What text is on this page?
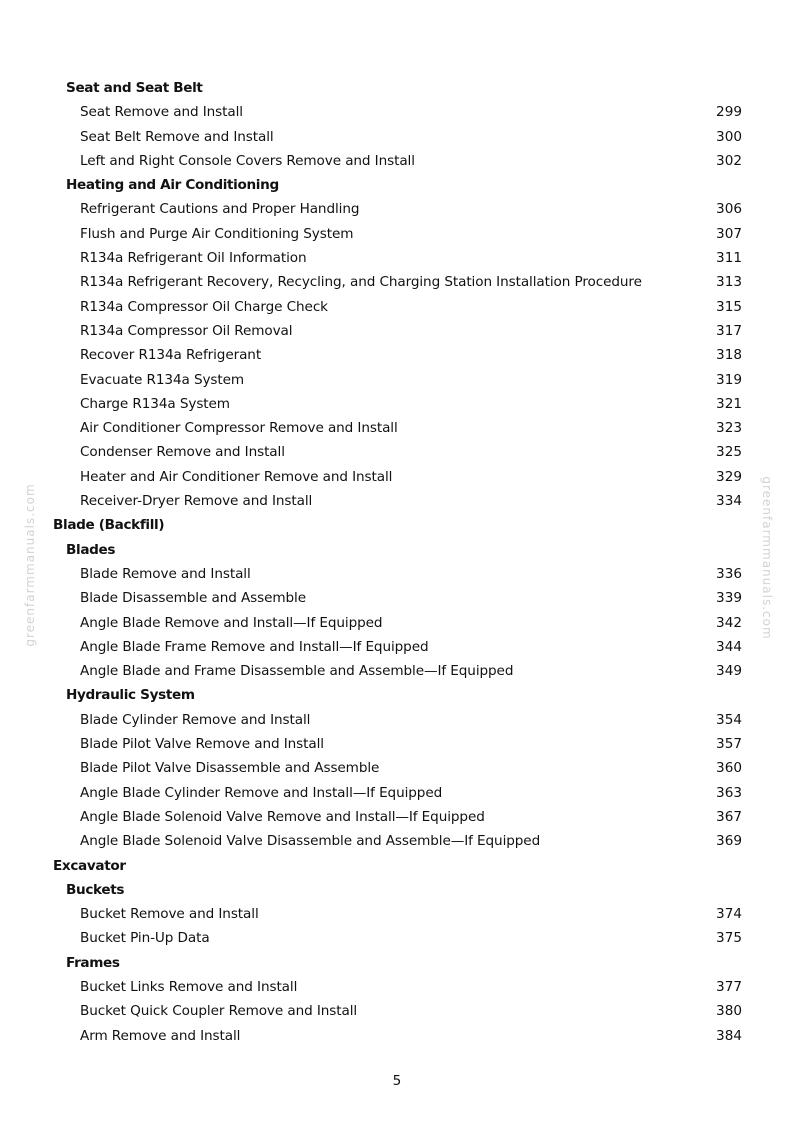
greenfarmmanuals.com	greenfarmmanuals.com
Seat and Seat Belt
Seat Remove and Install	299
Seat Belt Remove and Install	300
Left and Right Console Covers Remove and Install	302
Heating and Air Conditioning
Refrigerant Cautions and Proper Handling	306
Flush and Purge Air Conditioning System	307
R134a Refrigerant Oil Information	311
R134a Refrigerant Recovery, Recycling, and Charging Station Installation Procedure	313
R134a Compressor Oil Charge Check	315
R134a Compressor Oil Removal	317
Recover R134a Refrigerant	318
Evacuate R134a System	319
Charge R134a System	321
Air Conditioner Compressor Remove and Install	323
Condenser Remove and Install	325
Heater and Air Conditioner Remove and Install	329
Receiver-Dryer Remove and Install	334
Blade (Backfill)
Blades
Blade Remove and Install	336
Blade Disassemble and Assemble	339
Angle Blade Remove and Install—If Equipped	342
Angle Blade Frame Remove and Install—If Equipped	344
Angle Blade and Frame Disassemble and Assemble—If Equipped	349
Hydraulic System
Blade Cylinder Remove and Install	354
Blade Pilot Valve Remove and Install	357
Blade Pilot Valve Disassemble and Assemble	360
Angle Blade Cylinder Remove and Install—If Equipped	363
Angle Blade Solenoid Valve Remove and Install—If Equipped	367
Angle Blade Solenoid Valve Disassemble and Assemble—If Equipped	369
Excavator
Buckets
Bucket Remove and Install	374
Bucket Pin-Up Data	375
Frames
Bucket Links Remove and Install	377
Bucket Quick Coupler Remove and Install	380
Arm Remove and Install	384
5
